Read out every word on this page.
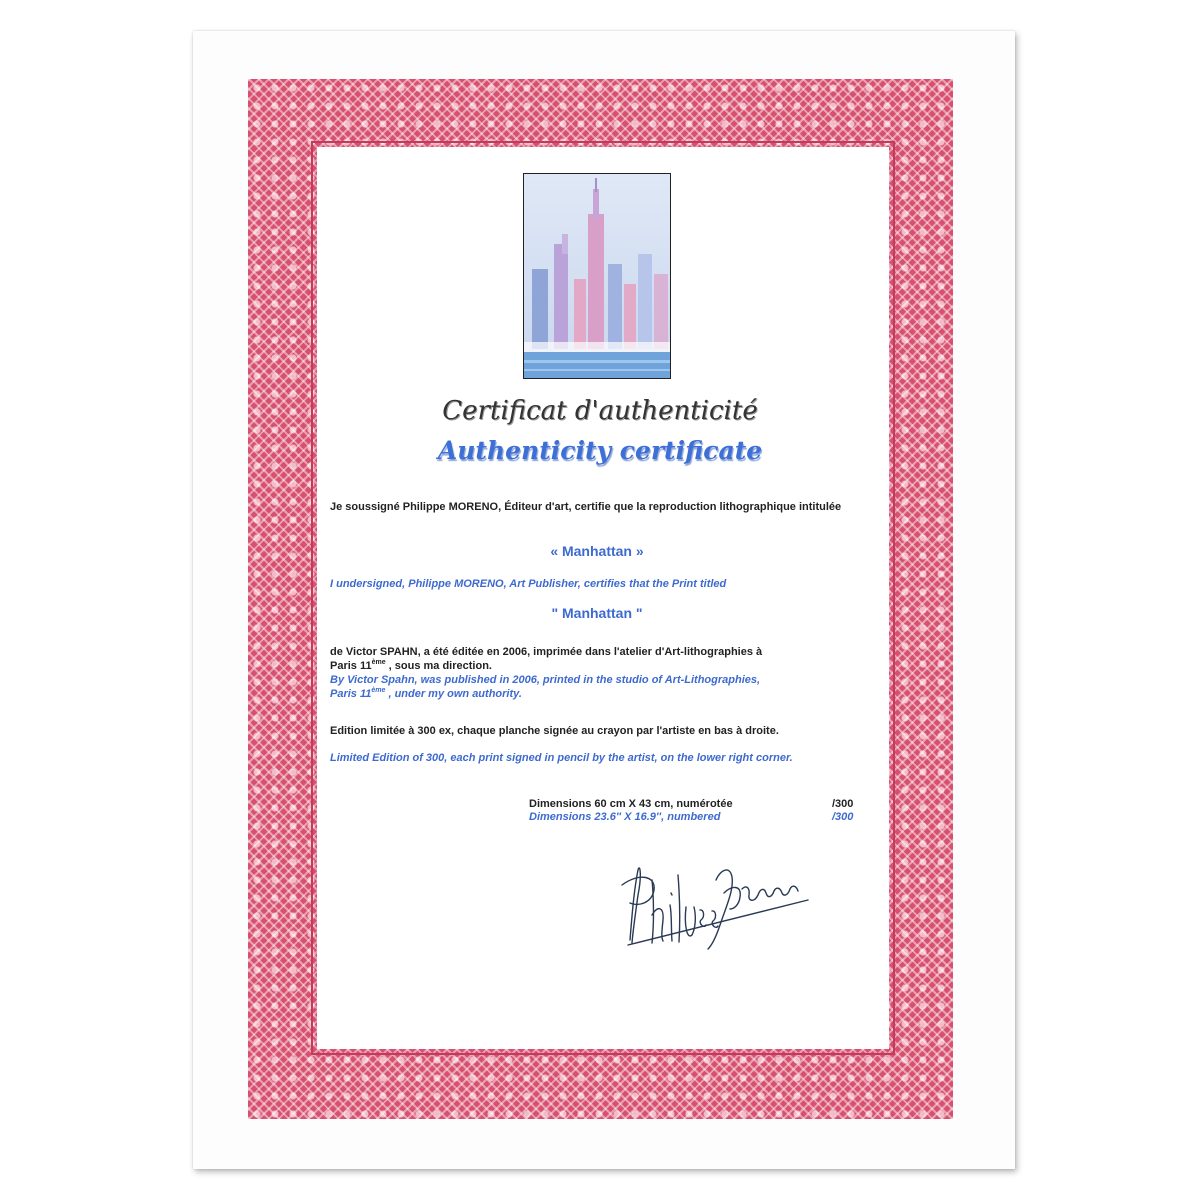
Certificat d'authenticité
Authenticity certificate
Je soussigné Philippe MORENO, Éditeur d'art, certifie que la reproduction lithographique intitulée
« Manhattan »
I undersigned, Philippe MORENO, Art Publisher, certifies that the Print titled
" Manhattan "
de Victor SPAHN, a été éditée en 2006, imprimée dans l'atelier d'Art-lithographies à
Paris 11ème , sous ma direction.
By Victor Spahn, was published in 2006, printed in the studio of Art-Lithographies,
Paris 11ème , under my own authority.
Edition limitée à 300 ex, chaque planche signée au crayon par l'artiste en bas à droite.
Limited Edition of 300, each print signed in pencil by the artist, on the lower right corner.
Dimensions 60 cm X 43 cm, numérotée	/300
Dimensions 23.6'' X 16.9'', numbered	/300
